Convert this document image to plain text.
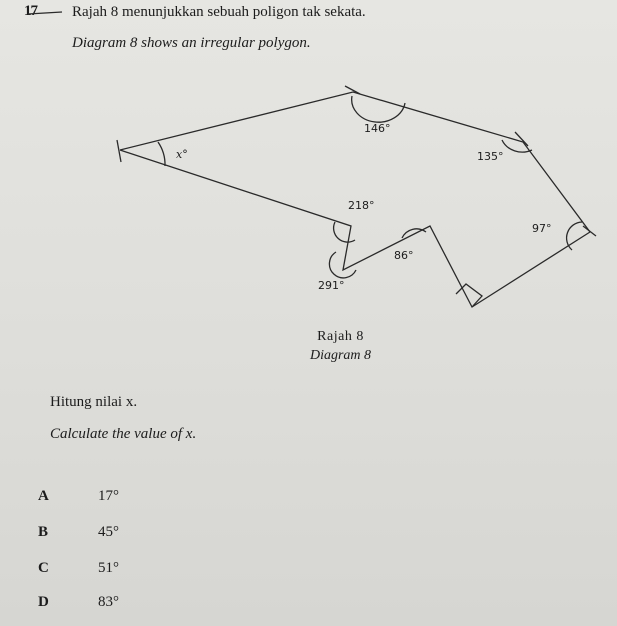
17 Rajah 8 menunjukkan sebuah poligon tak sekata.
Diagram 8 shows an irregular polygon.
146°
135°
97°
x°
218°
86°
291°
Rajah 8
Diagram 8
Hitung nilai x.
Calculate the value of x.
A	17°
B	45°
C	51°
D	83°
